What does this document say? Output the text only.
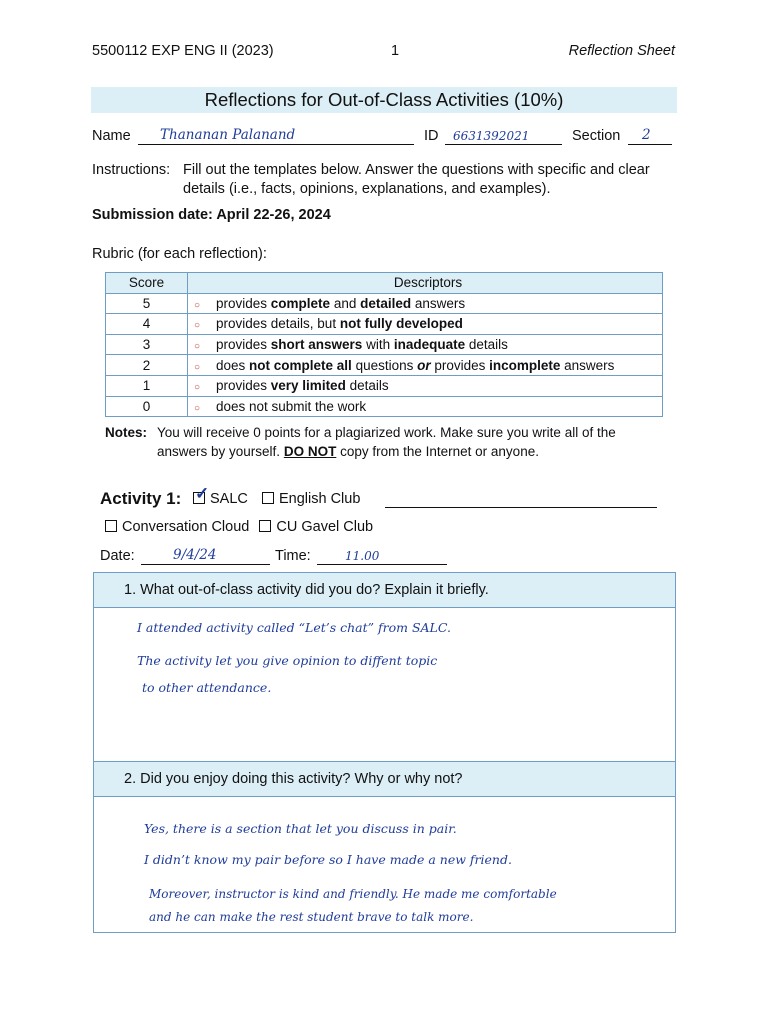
5500112 EXP ENG II (2023)	1	Reflection Sheet
Reflections for Out-of-Class Activities (10%)
Name Thananan Palanand	ID 6631392021	Section 2
Instructions: Fill out the templates below. Answer the questions with specific and clear details (i.e., facts, opinions, explanations, and examples).
Submission date: April 22-26, 2024
Rubric (for each reflection):
Score	Descriptors
5	○ provides complete and detailed answers
4	○ provides details, but not fully developed
3	○ provides short answers with inadequate details
2	○ does not complete all questions or provides incomplete answers
1	○ provides very limited details
0	○ does not submit the work
Notes: You will receive 0 points for a plagiarized work. Make sure you write all of the answers by yourself. DO NOT copy from the Internet or anyone.
Activity 1: ✓ SALC	English Club
Conversation Cloud CU Gavel Club
Date:	9/4/24	Time:	11.00
1. What out-of-class activity did you do? Explain it briefly.
I attended activity called “Let’s chat” from SALC.
The activity let you give opinion to diffent topic
to other attendance.
2. Did you enjoy doing this activity? Why or why not?
Yes, there is a section that let you discuss in pair.
I didn’t know my pair before so I have made a new friend.
Moreover, instructor is kind and friendly. He made me comfortable
and he can make the rest student brave to talk more.
